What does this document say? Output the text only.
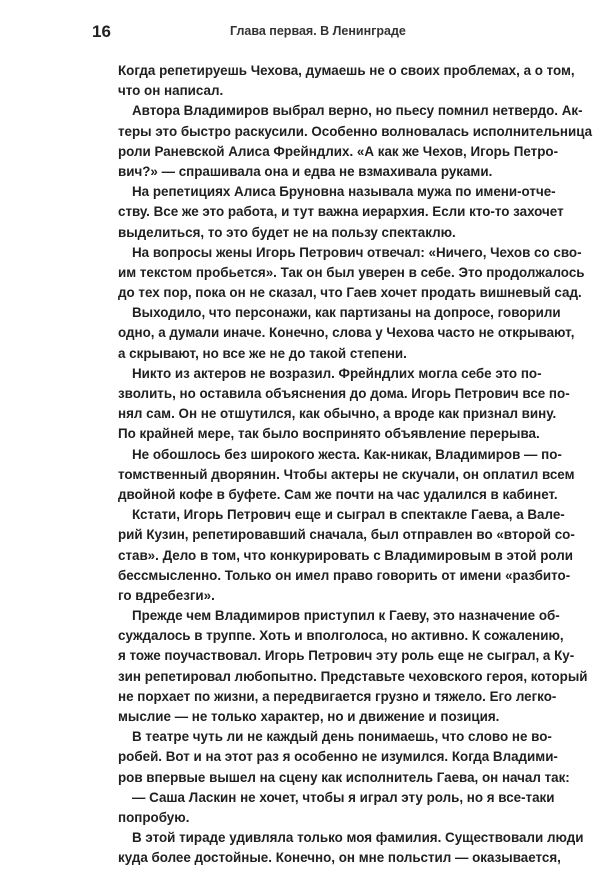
16	Глава первая. В Ленинграде
Когда репетируешь Чехова, думаешь не о своих проблемах, а о том,
что он написал.
Автора Владимиров выбрал верно, но пьесу помнил нетвердо. Ак-
теры это быстро раскусили. Особенно волновалась исполнительница
роли Раневской Алиса Фрейндлих. «А как же Чехов, Игорь Петро-
вич?» — спрашивала она и едва не взмахивала руками.
На репетициях Алиса Бруновна называла мужа по имени-отче-
ству. Все же это работа, и тут важна иерархия. Если кто-то захочет
выделиться, то это будет не на пользу спектаклю.
На вопросы жены Игорь Петрович отвечал: «Ничего, Чехов со сво-
им текстом пробьется». Так он был уверен в себе. Это продолжалось
до тех пор, пока он не сказал, что Гаев хочет продать вишневый сад.
Выходило, что персонажи, как партизаны на допросе, говорили
одно, а думали иначе. Конечно, слова у Чехова часто не открывают,
а скрывают, но все же не до такой степени.
Никто из актеров не возразил. Фрейндлих могла себе это по-
зволить, но оставила объяснения до дома. Игорь Петрович все по-
нял сам. Он не отшутился, как обычно, а вроде как признал вину.
По крайней мере, так было воспринято объявление перерыва.
Не обошлось без широкого жеста. Как-никак, Владимиров — по-
томственный дворянин. Чтобы актеры не скучали, он оплатил всем
двойной кофе в буфете. Сам же почти на час удалился в кабинет.
Кстати, Игорь Петрович еще и сыграл в спектакле Гаева, а Вале-
рий Кузин, репетировавший сначала, был отправлен во «второй со-
став». Дело в том, что конкурировать с Владимировым в этой роли
бессмысленно. Только он имел право говорить от имени «разбито-
го вдребезги».
Прежде чем Владимиров приступил к Гаеву, это назначение об-
суждалось в труппе. Хоть и вполголоса, но активно. К сожалению,
я тоже поучаствовал. Игорь Петрович эту роль еще не сыграл, а Ку-
зин репетировал любопытно. Представьте чеховского героя, который
не порхает по жизни, а передвигается грузно и тяжело. Его легко-
мыслие — не только характер, но и движение и позиция.
В театре чуть ли не каждый день понимаешь, что слово не во-
робей. Вот и на этот раз я особенно не изумился. Когда Владими-
ров впервые вышел на сцену как исполнитель Гаева, он начал так:
— Саша Ласкин не хочет, чтобы я играл эту роль, но я все-таки
попробую.
В этой тираде удивляла только моя фамилия. Существовали люди
куда более достойные. Конечно, он мне польстил — оказывается,
